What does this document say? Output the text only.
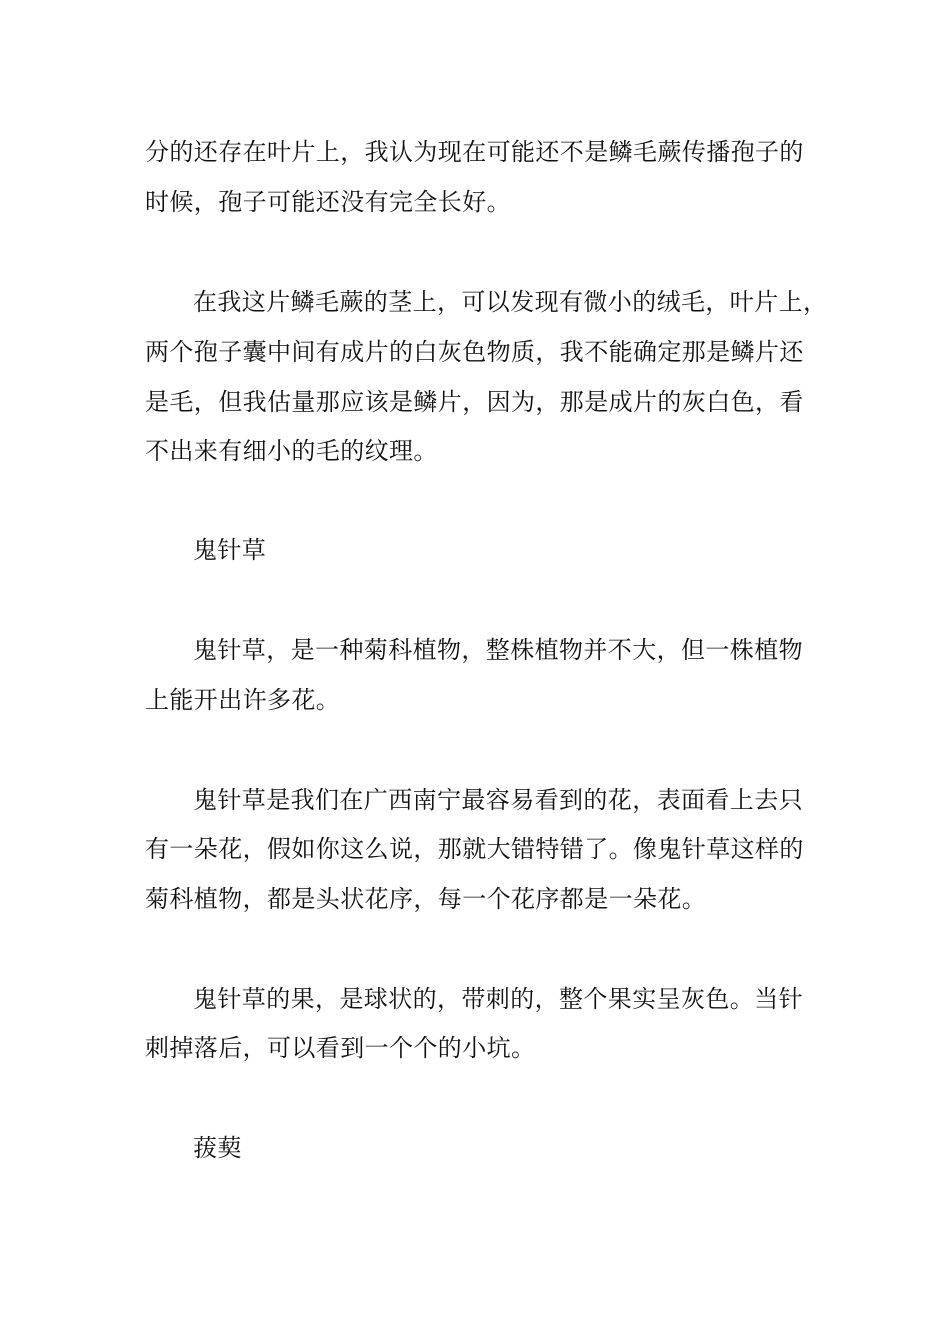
分的还存在叶片上，我认为现在可能还不是鳞毛蕨传播孢子的
时候，孢子可能还没有完全长好。
在我这片鳞毛蕨的茎上，可以发现有微小的绒毛，叶片上，
两个孢子囊中间有成片的白灰色物质，我不能确定那是鳞片还
是毛，但我估量那应该是鳞片，因为，那是成片的灰白色，看
不出来有细小的毛的纹理。
鬼针草
鬼针草，是一种菊科植物，整株植物并不大，但一株植物
上能开出许多花。
鬼针草是我们在广西南宁最容易看到的花，表面看上去只
有一朵花，假如你这么说，那就大错特错了。像鬼针草这样的
菊科植物，都是头状花序，每一个花序都是一朵花。
鬼针草的果，是球状的，带刺的，整个果实呈灰色。当针
刺掉落后，可以看到一个个的小坑。
菝葜
